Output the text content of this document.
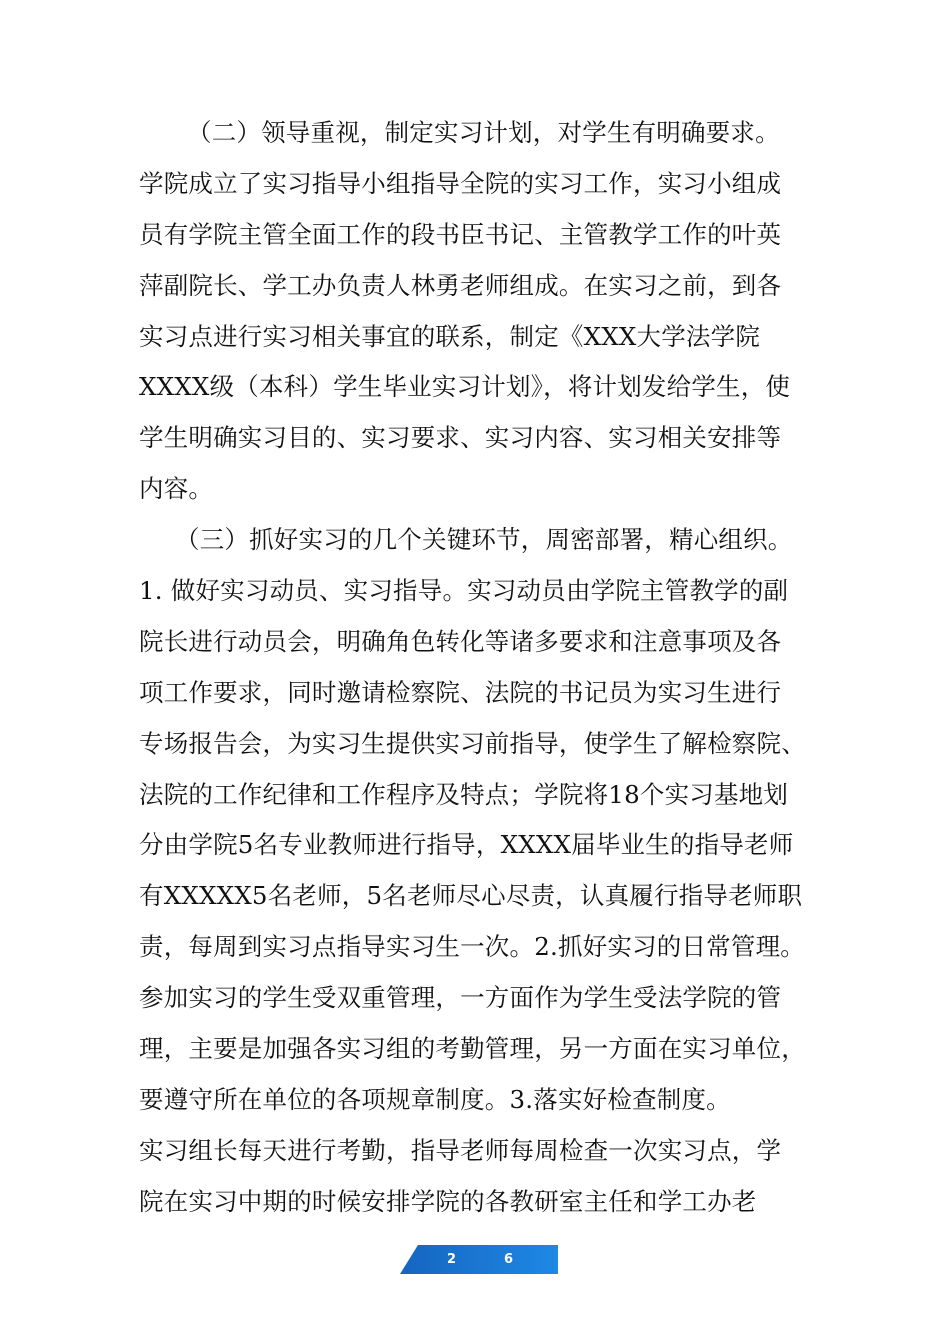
（二）领导重视，制定实习计划，对学生有明确要求。
学院成立了实习指导小组指导全院的实习工作，实习小组成
员有学院主管全面工作的段书臣书记、主管教学工作的叶英
萍副院长、学工办负责人林勇老师组成。在实习之前，到各
实习点进行实习相关事宜的联系，制定《XXX大学法学院
XXXX级（本科）学生毕业实习计划》，将计划发给学生，使
学生明确实习目的、实习要求、实习内容、实习相关安排等
内容。
（三）抓好实习的几个关键环节，周密部署，精心组织。
1. 做好实习动员、实习指导。实习动员由学院主管教学的副
院长进行动员会，明确角色转化等诸多要求和注意事项及各
项工作要求，同时邀请检察院、法院的书记员为实习生进行
专场报告会，为实习生提供实习前指导，使学生了解检察院、
法院的工作纪律和工作程序及特点；学院将18个实习基地划
分由学院5名专业教师进行指导，XXXX届毕业生的指导老师
有XXXXX5名老师，5名老师尽心尽责，认真履行指导老师职
责，每周到实习点指导实习生一次。2.抓好实习的日常管理。
参加实习的学生受双重管理，一方面作为学生受法学院的管
理，主要是加强各实习组的考勤管理，另一方面在实习单位，
要遵守所在单位的各项规章制度。3.落实好检查制度。
实习组长每天进行考勤，指导老师每周检查一次实习点，学
院在实习中期的时候安排学院的各教研室主任和学工办老
2	6
